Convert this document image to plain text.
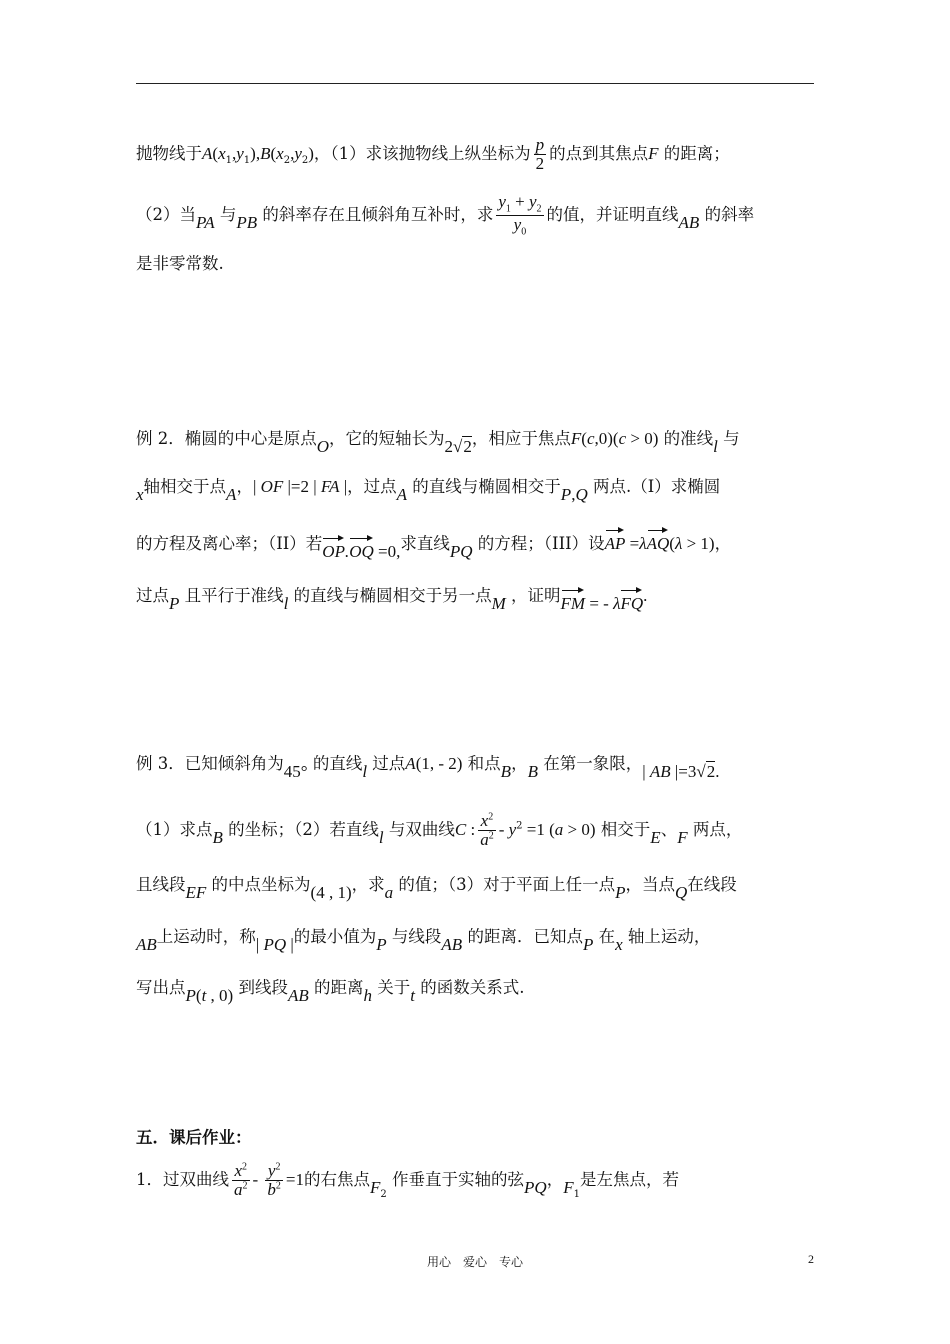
抛物线于$A(x_1,y_1),B(x_2,y_2)$，（1）求该抛物线上纵坐标为 $\frac{p}{2}$ 的点到其焦点F 的距离；
（2）当PA 与PB 的斜率存在且倾斜角互补时，求 $\frac{y_1 + y_2}{y_0}$ 的值，并证明直线AB 的斜率
是非零常数.
例 2．椭圆的中心是原点O，它的短轴长为2√2，相应于焦点F(c,0)(c > 0) 的准线l 与
x轴相交于点A，| OF |=2 | FA |，过点A 的直线与椭圆相交于P,Q 两点.（I）求椭圆
的方程及离心率；（II）若OP.OQ =0,求直线PQ 的方程；（III）设AP =λAQ(λ > 1)，
过点P 且平行于准线l 的直线与椭圆相交于另一点M ，证明FM = - λFQ.
例 3．已知倾斜角为45° 的直线l 过点A(1, - 2) 和点B，B 在第一象限，| AB |=3√2.
（1）求点B 的坐标；（2）若直线l 与双曲线C : $\frac{x^2}{a^2} - y^2 =1$ (a > 0) 相交于E、F 两点，
且线段EF 的中点坐标为(4 , 1)，求a 的值；（3）对于平面上任一点P，当点Q在线段
AB上运动时，称| PQ |的最小值为P 与线段AB 的距离．已知点P 在x 轴上运动，
写出点P(t , 0) 到线段AB 的距离h 关于t 的函数关系式.
五．课后作业：
1．过双曲线 $\frac{x^2}{a^2} - \frac{y^2}{b^2} =1$的右焦点$F_2$ 作垂直于实轴的弦PQ，$F_1$是左焦点，若
用心　爱心　专心	2
